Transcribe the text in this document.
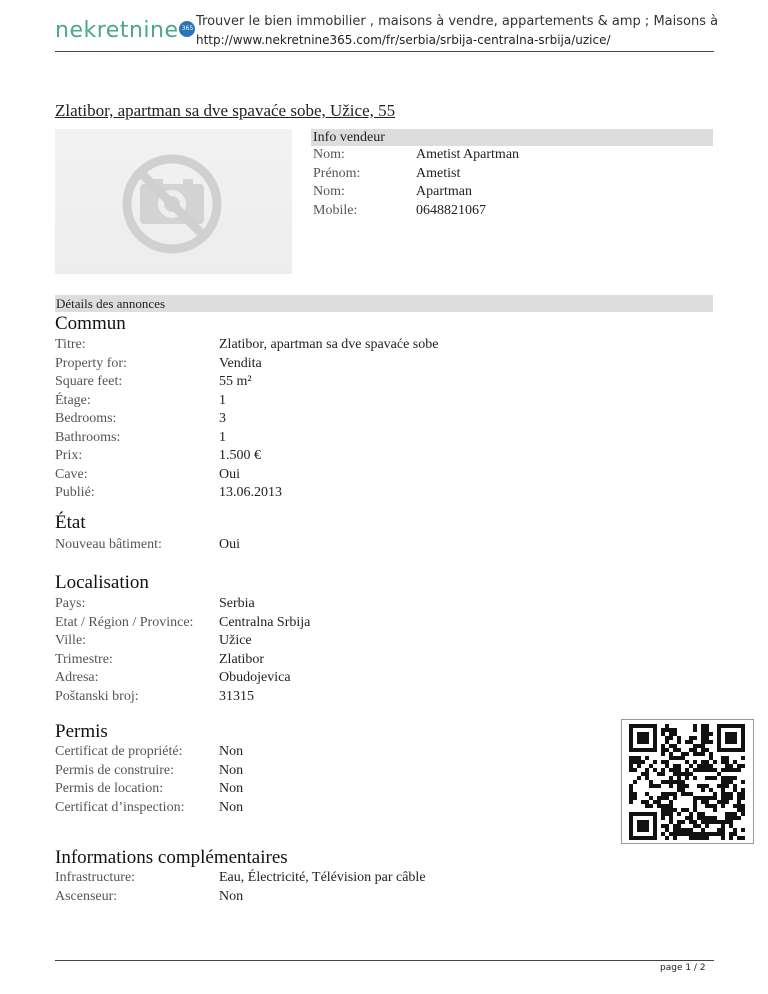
nekretnine 365 Trouver le bien immobilier , maisons à vendre, appartements & amp ; Maisons à
http://www.nekretnine365.com/fr/serbia/srbija-centralna-srbija/uzice/
Zlatibor, apartman sa dve spavaće sobe, Užice, 55
Info vendeur
Nom:	Ametist Apartman
Prénom:	Ametist
Nom:	Apartman
Mobile:	0648821067
Détails des annonces
Commun
Titre:	Zlatibor, apartman sa dve spavaće sobe
Property for:	Vendita
Square feet:	55 m²
Étage:	1
Bedrooms:	3
Bathrooms:	1
Prix:	1.500 €
Cave:	Oui
Publié:	13.06.2013
État
Nouveau bâtiment:	Oui
Localisation
Pays:	Serbia
Etat / Région / Province: Centralna Srbija
Ville:	Užice
Trimestre:	Zlatibor
Adresa:	Obudojevica
Poštanski broj:	31315
Permis
Certificat de propriété:	Non
Permis de construire:	Non
Permis de location:	Non
Certificat d’inspection: Non
Informations complémentaires
Infrastructure:	Eau, Électricité, Télévision par câble
Ascenseur:	Non
page 1 / 2
